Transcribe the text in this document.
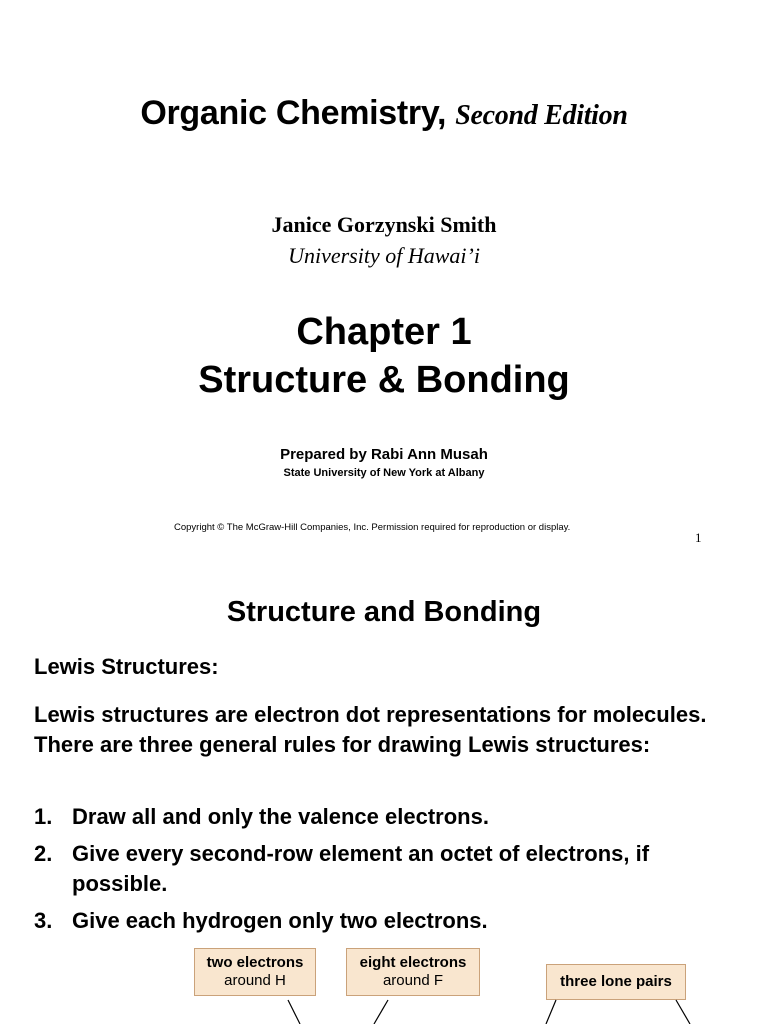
Organic Chemistry, Second Edition
Janice Gorzynski Smith
University of Hawai’i
Chapter 1
Structure & Bonding
Prepared by Rabi Ann Musah
State University of New York at Albany
Copyright © The McGraw-Hill Companies, Inc. Permission required for reproduction or display.
1
Structure and Bonding
Lewis Structures:
Lewis structures are electron dot representations for molecules. There are three general rules for drawing Lewis structures:
1. Draw all and only the valence electrons.
2. Give every second-row element an octet of electrons, if possible.
3. Give each hydrogen only two electrons.
two electrons
around H
eight electrons
around F	three lone pairs
